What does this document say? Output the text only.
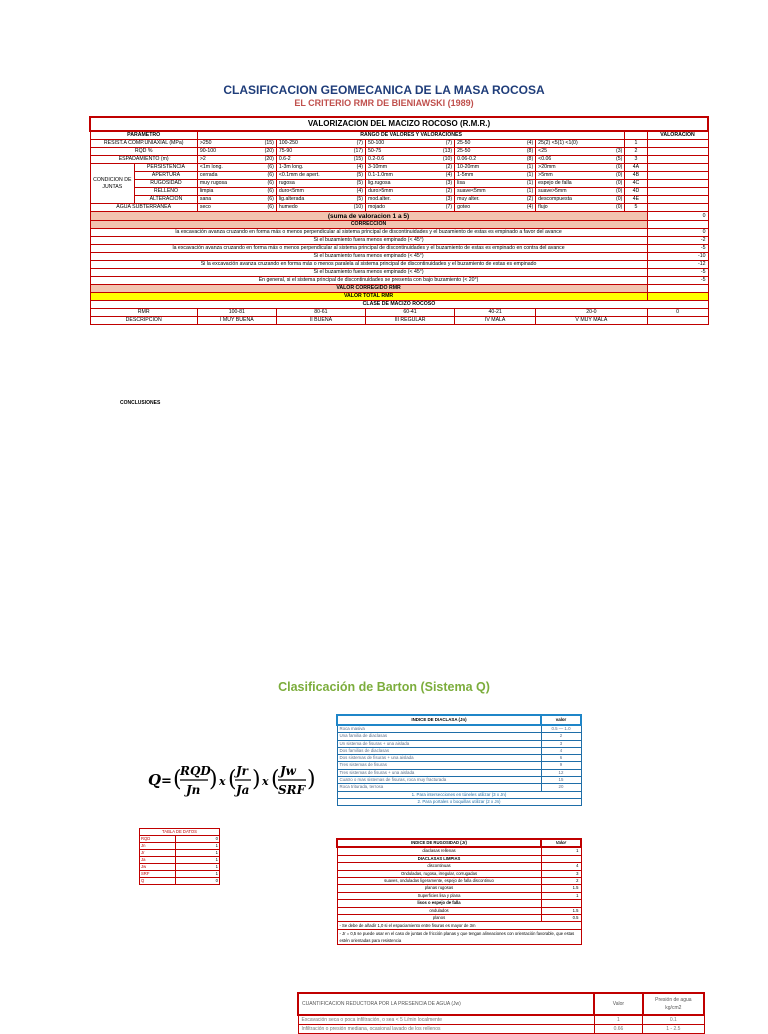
CLASIFICACION GEOMECANICA DE LA MASA ROCOSA
EL CRITERIO RMR DE BIENIAWSKI (1989)
VALORIZACION DEL MACIZO ROCOSO (R.M.R.)								
PARAMETRO		RANGO DE VALORES Y VALORACIONES						VALORACION
RESIST.A COMP.UNIAXIAL (MPa)		>250 (15)	100-250 (7)	50-100 (7)	25-50 (4)	25(2) <5(1) <1(0)	1	
RQD %		90-100 (20)	75-90 (17)	50-75 (13)	25-50 (8)	<25 (3)	2	
ESPADAMIENTO (m)		>2 (20)	0.6-2 (15)	0.2-0.6 (10)	0.06-0.2 (8)	<0.06 (5)	3	
CONDICION DE JUNTAS	PERSISTENCIA	<1m long. (6)	1-3m long. (4)	3-10mm (2)	10-20mm (1)	>20mm (0)	4A	
	APERTURA	cerrada (6)	<0.1mm de apert. (5)	0.1-1.0mm (4)	1-5mm (1)	>5mm (0)	4B	
	RUGOSIDAD	muy rugosa (6)	rugosa (5)	lig.rugosa (3)	lisa (1)	espejo de falla (0)	4C	
	RELLENO	limpia (6)	duro<5mm (4)	duro>5mm (2)	suave<5mm (1)	suave>5mm (0)	4D	
	ALTERACION	sana (6)	lig.alterada (5)	mod.alter. (3)	muy alter. (2)	descompuesta (0)	4E	
AGUA SUBTERRANEA		seco (6)	humedo (10)	mojado (7)	goteo (4)	flujo (0)	5	
(suma de valoracion 1 a 5)								0
CORRECCION								
la excavación avanza cruzando en forma más o menos perpendicular al sistema principal de discontinuidades y el buzamiento de estas es empinado a favor del avance								0
Si el buzamiento fuera menos empinado (< 45°)								-2
la excavación avanza cruzando en forma más o menos perpendicular al sistema principal de discontinuidades y el buzamiento de estas es empinado en contra del avance								-5
Si el buzamiento fuera menos empinado (< 45°)								-10
Si la excavación avanza cruzando en forma más o menos paralela al sistema principal de discontinuidades y el buzamiento de estas es empinado								-12
Si el buzamiento fuera menos empinado (< 45°)								-5
En general, si el sistema principal de discontinuidades se presenta con bajo buzamiento (< 20°)								-5
VALOR CORREGIDO RMR								
VALOR TOTAL RMR								
CLASE DE MACIZO ROCOSO								
RMR		100-81	80-61	60-41	40-21	20-0		0
DESCRIPCION		I MUY BUENA	II BUENA	III REGULAR	IV MALA	V MUY MALA		
CONCLUSIONES
Clasificación de Barton (Sistema Q)
Q = (
RQD
Jn ) x ( Jr
Ja ) x ( Jw
SRF )
INDICE DE DIACLASA (Jn)	valor
Roca masiva	0.5 — 1.0
Una familia de diaclasas	2
Un sistema de fisuras + una aislada	3
Dos familias de diaclasas	4
Dos sistemas de fisuras + una aislada	6
Tres sistemas de fisuras	9
Tres sistemas de fisuras + una aislada	12
Cuatro o mas sistemas de fisuras, roca muy fracturada	15
Roca triturada, terrosa	20
1. Para intersecciones en túneles utilizar (3 x Jn)	
2. Para portales o boquillas utilizar (2 x Jn)	
TABLA DE DATOS	
RQD	0
Jn	1
Jr	1
Ja	1
Jw	1
SRF	1
Q	0
INDICE DE RUGOSIDAD (Jr)	Valor
diaclasas rellenas	1
DIACLASAS LIMPIAS	
discontinuas	4
Onduladas, rugosa, irregular, corrugadas	3
suaves, onduladas ligeramente, espejo de falla discontinuo	2
planas rugosas	1.5
Superficies lisa y plana	1
lisos o espejo de falla	
ondulados	1.5
planos	0.5
- Se debe de añadir 1,0 si el espaciamiento entre fisuras es mayor de 3m	
- Jr = 0,5 se puede usar en el caso de juntas de fricción planas y que tengan alineaciones con orientación favorable, que estas estén orientadas para resistencia	
CUANTIFICACION REDUCTORA POR LA PRESENCIA DE AGUA (Jw)	Valor	Presión de agua kg/cm2
Excavación seca o poca infiltración, o sea < 5 L/min localmente	1	0.1
Infiltración o presión mediana, ocasional lavado de los rellenos	0.66	1 - 2.5
